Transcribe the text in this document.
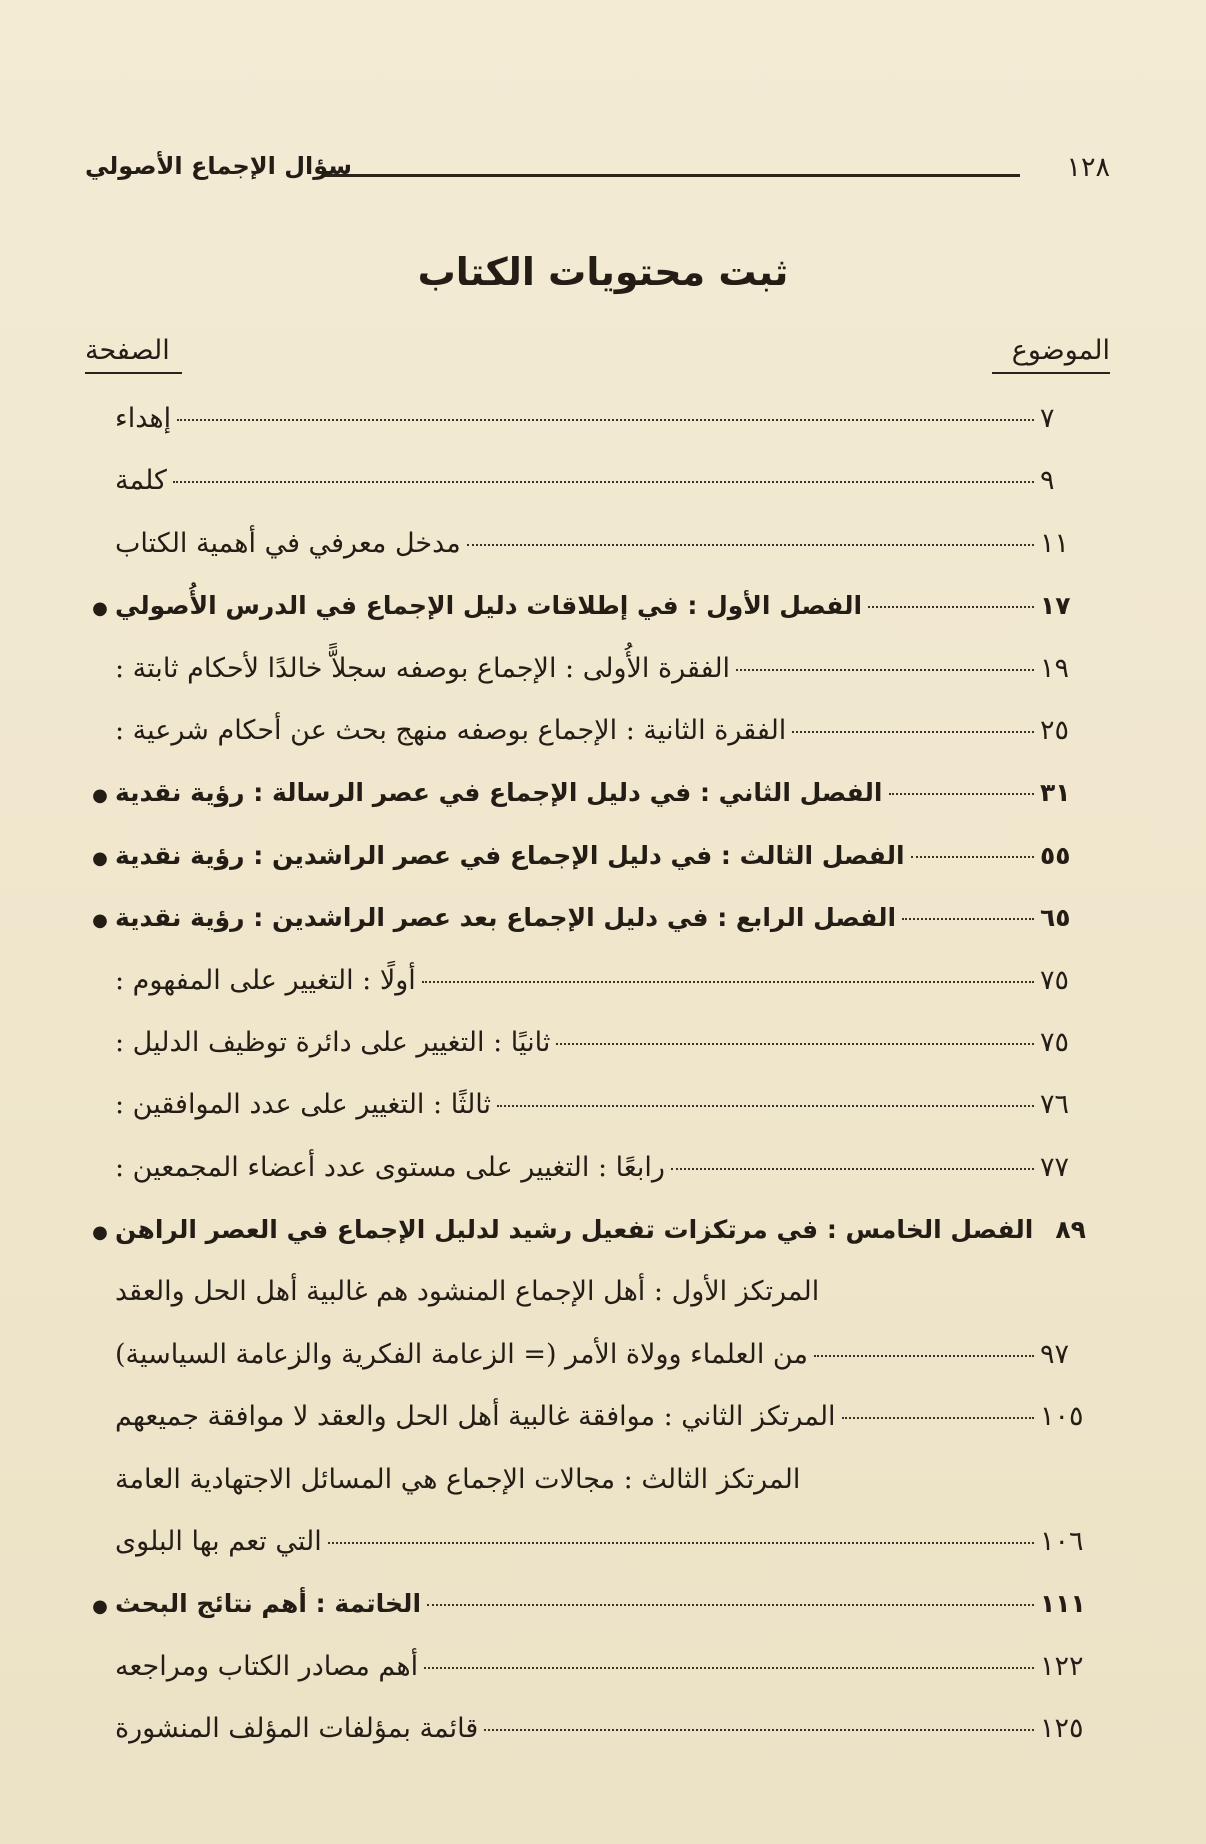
١٢٨
سؤال الإجماع الأصولي
ثبت محتويات الكتاب
الموضوع
الصفحة
إهداء	٧
كلمة	٩
مدخل معرفي في أهمية الكتاب	١١
● الفصل الأول : في إطلاقات دليل الإجماع في الدرس الأُصولي	١٧
الفقرة الأُولى : الإجماع بوصفه سجلاًّ خالدًا لأحكام ثابتة :	١٩
الفقرة الثانية : الإجماع بوصفه منهج بحث عن أحكام شرعية :	٢٥
● الفصل الثاني : في دليل الإجماع في عصر الرسالة : رؤية نقدية	٣١
● الفصل الثالث : في دليل الإجماع في عصر الراشدين : رؤية نقدية	٥٥
● الفصل الرابع : في دليل الإجماع بعد عصر الراشدين : رؤية نقدية	٦٥
أولًا : التغيير على المفهوم :	٧٥
ثانيًا : التغيير على دائرة توظيف الدليل :	٧٥
ثالثًا : التغيير على عدد الموافقين :	٧٦
رابعًا : التغيير على مستوى عدد أعضاء المجمعين :	٧٧
● الفصل الخامس : في مرتكزات تفعيل رشيد لدليل الإجماع في العصر الراهن ٨٩
المرتكز الأول : أهل الإجماع المنشود هم غالبية أهل الحل والعقد
من العلماء وولاة الأمر (= الزعامة الفكرية والزعامة السياسية)	٩٧
المرتكز الثاني : موافقة غالبية أهل الحل والعقد لا موافقة جميعهم	١٠٥
المرتكز الثالث : مجالات الإجماع هي المسائل الاجتهادية العامة
التي تعم بها البلوى	١٠٦
● الخاتمة : أهم نتائج البحث	١١١
أهم مصادر الكتاب ومراجعه	١٢٢
قائمة بمؤلفات المؤلف المنشورة	١٢٥
